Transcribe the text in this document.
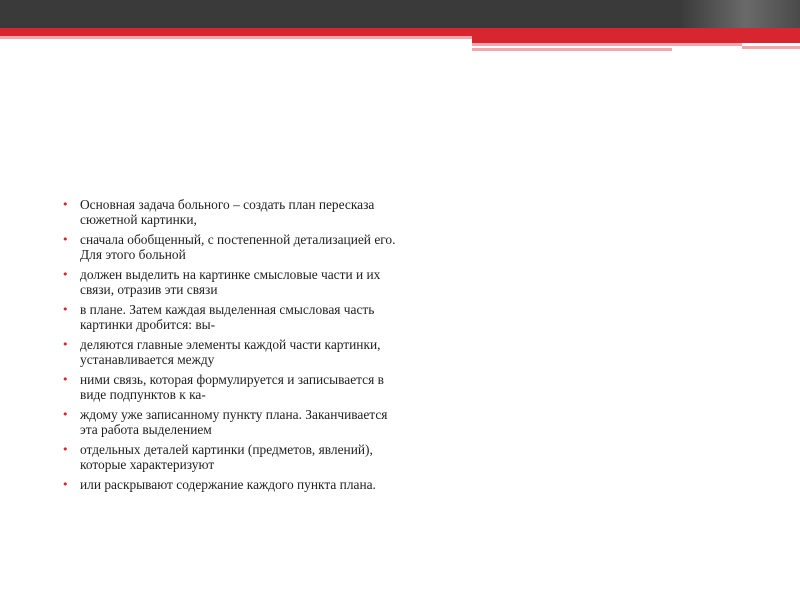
• Основная задача больного – создать план пересказа сюжетной картинки,
• сначала обобщенный, с постепенной детализацией его. Для этого больной
• должен выделить на картинке смысловые части и их связи, отразив эти связи
• в плане. Затем каждая выделенная смысловая часть картинки дробится: вы-
• деляются главные элементы каждой части картинки, устанавливается между
• ними связь, которая формулируется и записывается в виде подпунктов к ка-
• ждому уже записанному пункту плана. Заканчивается эта работа выделением
• отдельных деталей картинки (предметов, явлений), которые характеризуют
• или раскрывают содержание каждого пункта плана.
